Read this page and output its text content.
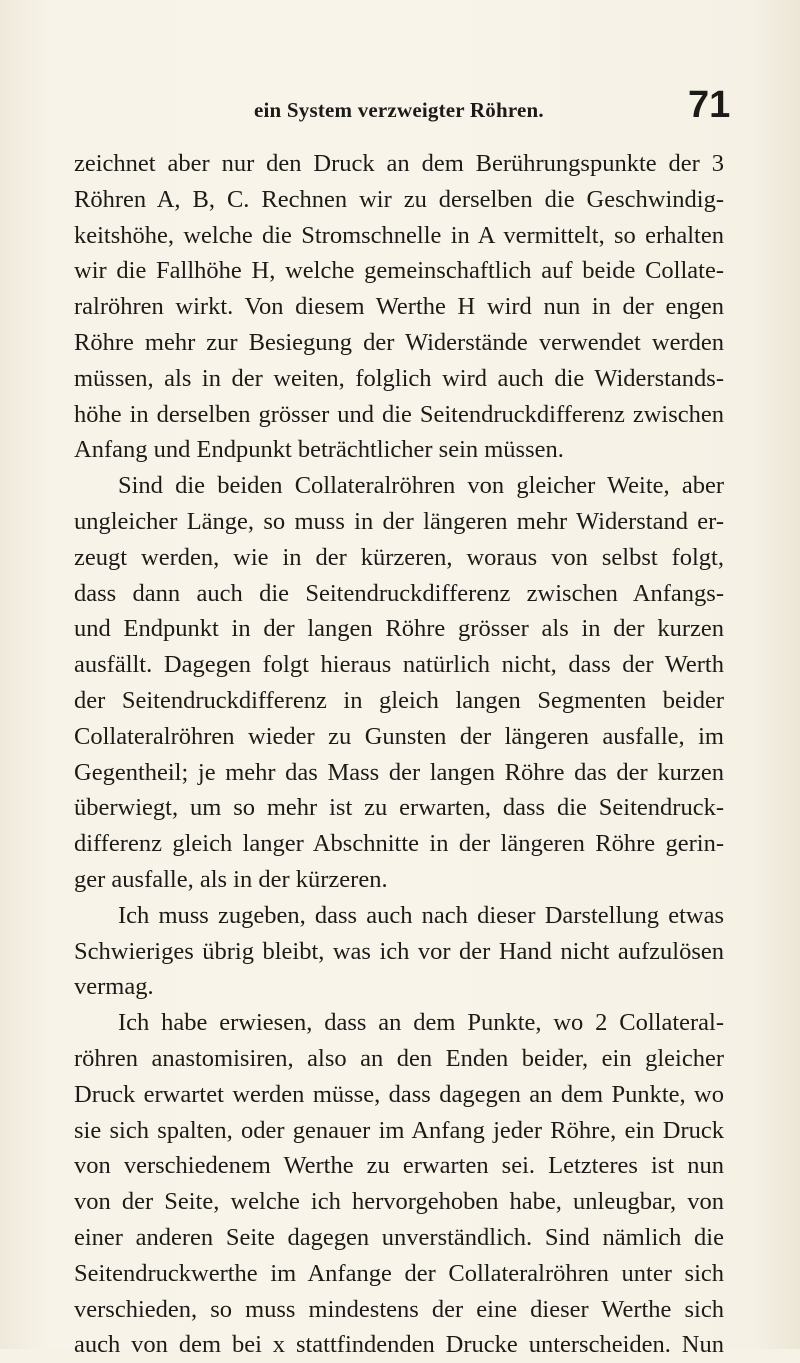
ein System verzweigter Röhren.	71
zeichnet aber nur den Druck an dem Berührungspunkte der 3
Röhren A, B, C. Rechnen wir zu derselben die Geschwindig-
keitshöhe, welche die Stromschnelle in A vermittelt, so erhalten
wir die Fallhöhe H, welche gemeinschaftlich auf beide Collate-
ralröhren wirkt. Von diesem Werthe H wird nun in der engen
Röhre mehr zur Besiegung der Widerstände verwendet werden
müssen, als in der weiten, folglich wird auch die Widerstands-
höhe in derselben grösser und die Seitendruckdifferenz zwischen
Anfang und Endpunkt beträchtlicher sein müssen.
Sind die beiden Collateralröhren von gleicher Weite, aber
ungleicher Länge, so muss in der längeren mehr Widerstand er-
zeugt werden, wie in der kürzeren, woraus von selbst folgt,
dass dann auch die Seitendruckdifferenz zwischen Anfangs-
und Endpunkt in der langen Röhre grösser als in der kurzen
ausfällt. Dagegen folgt hieraus natürlich nicht, dass der Werth
der Seitendruckdifferenz in gleich langen Segmenten beider
Collateralröhren wieder zu Gunsten der längeren ausfalle, im
Gegentheil; je mehr das Mass der langen Röhre das der kurzen
überwiegt, um so mehr ist zu erwarten, dass die Seitendruck-
differenz gleich langer Abschnitte in der längeren Röhre gerin-
ger ausfalle, als in der kürzeren.
Ich muss zugeben, dass auch nach dieser Darstellung etwas
Schwieriges übrig bleibt, was ich vor der Hand nicht aufzulösen
vermag.
Ich habe erwiesen, dass an dem Punkte, wo 2 Collateral-
röhren anastomisiren, also an den Enden beider, ein gleicher
Druck erwartet werden müsse, dass dagegen an dem Punkte, wo
sie sich spalten, oder genauer im Anfang jeder Röhre, ein Druck
von verschiedenem Werthe zu erwarten sei. Letzteres ist nun
von der Seite, welche ich hervorgehoben habe, unleugbar, von
einer anderen Seite dagegen unverständlich. Sind nämlich die
Seitendruckwerthe im Anfange der Collateralröhren unter sich
verschieden, so muss mindestens der eine dieser Werthe sich
auch von dem bei x stattfindenden Drucke unterscheiden. Nun
